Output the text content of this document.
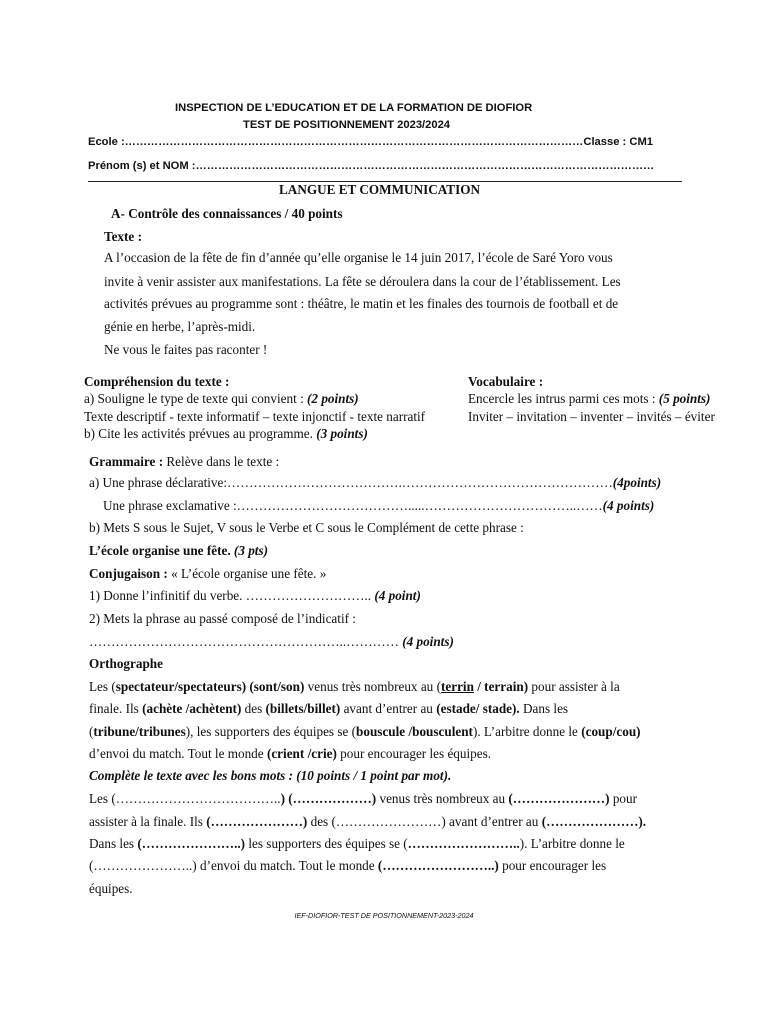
INSPECTION DE L’EDUCATION ET DE LA FORMATION DE DIOFIOR
TEST DE POSITIONNEMENT 2023/2024
Ecole :……………………………………………………………………………………………………………Classe : CM1
Prénom (s) et NOM :……………………………………………………………………………………………………………
LANGUE ET COMMUNICATION
A- Contrôle des connaissances / 40 points
Texte :
A l’occasion de la fête de fin d’année qu’elle organise le 14 juin 2017, l’école de Saré Yoro vous
invite à venir assister aux manifestations. La fête se déroulera dans la cour de l’établissement. Les
activités prévues au programme sont : théâtre, le matin et les finales des tournois de football et de
génie en herbe, l’après-midi.
Ne vous le faites pas raconter !
Compréhension du texte :
a) Souligne le type de texte qui convient : (2 points)
Texte descriptif - texte informatif – texte injonctif - texte narratif
b) Cite les activités prévues au programme. (3 points)
Vocabulaire :
Encercle les intrus parmi ces mots : (5 points)
Inviter – invitation – inventer – invités – éviter
Grammaire : Relève dans le texte :
a) Une phrase déclarative:………………………………….…………………………………………(4points)
Une phrase exclamative :………………………………….....……………………………..……(4 points)
b) Mets S sous le Sujet, V sous le Verbe et C sous le Complément de cette phrase :
L’école organise une fête. (3 pts)
Conjugaison : « L’école organise une fête. »
1) Donne l’infinitif du verbe. ……………………….. (4 point)
2) Mets la phrase au passé composé de l’indicatif :
…………………………………………………..………… (4 points)
Orthographe
Les (spectateur/spectateurs) (sont/son) venus très nombreux au (terrin / terrain) pour assister à la
finale. Ils (achète /achètent) des (billets/billet) avant d’entrer au (estade/ stade). Dans les
(tribune/tribunes), les supporters des équipes se (bouscule /bousculent). L’arbitre donne le (coup/cou)
d’envoi du match. Tout le monde (crient /crie) pour encourager les équipes.
Complète le texte avec les bons mots : (10 points / 1 point par mot).
Les (………………………………..) (………………) venus très nombreux au (…………………) pour
assister à la finale. Ils (…………………) des (……………………) avant d’entrer au (…………………).
Dans les (…………………..) les supporters des équipes se (……………………..). L’arbitre donne le
(…………………..) d’envoi du match. Tout le monde (……………………..) pour encourager les
équipes.
IEF-DIOFIOR-TEST DE POSITIONNEMENT-2023-2024
